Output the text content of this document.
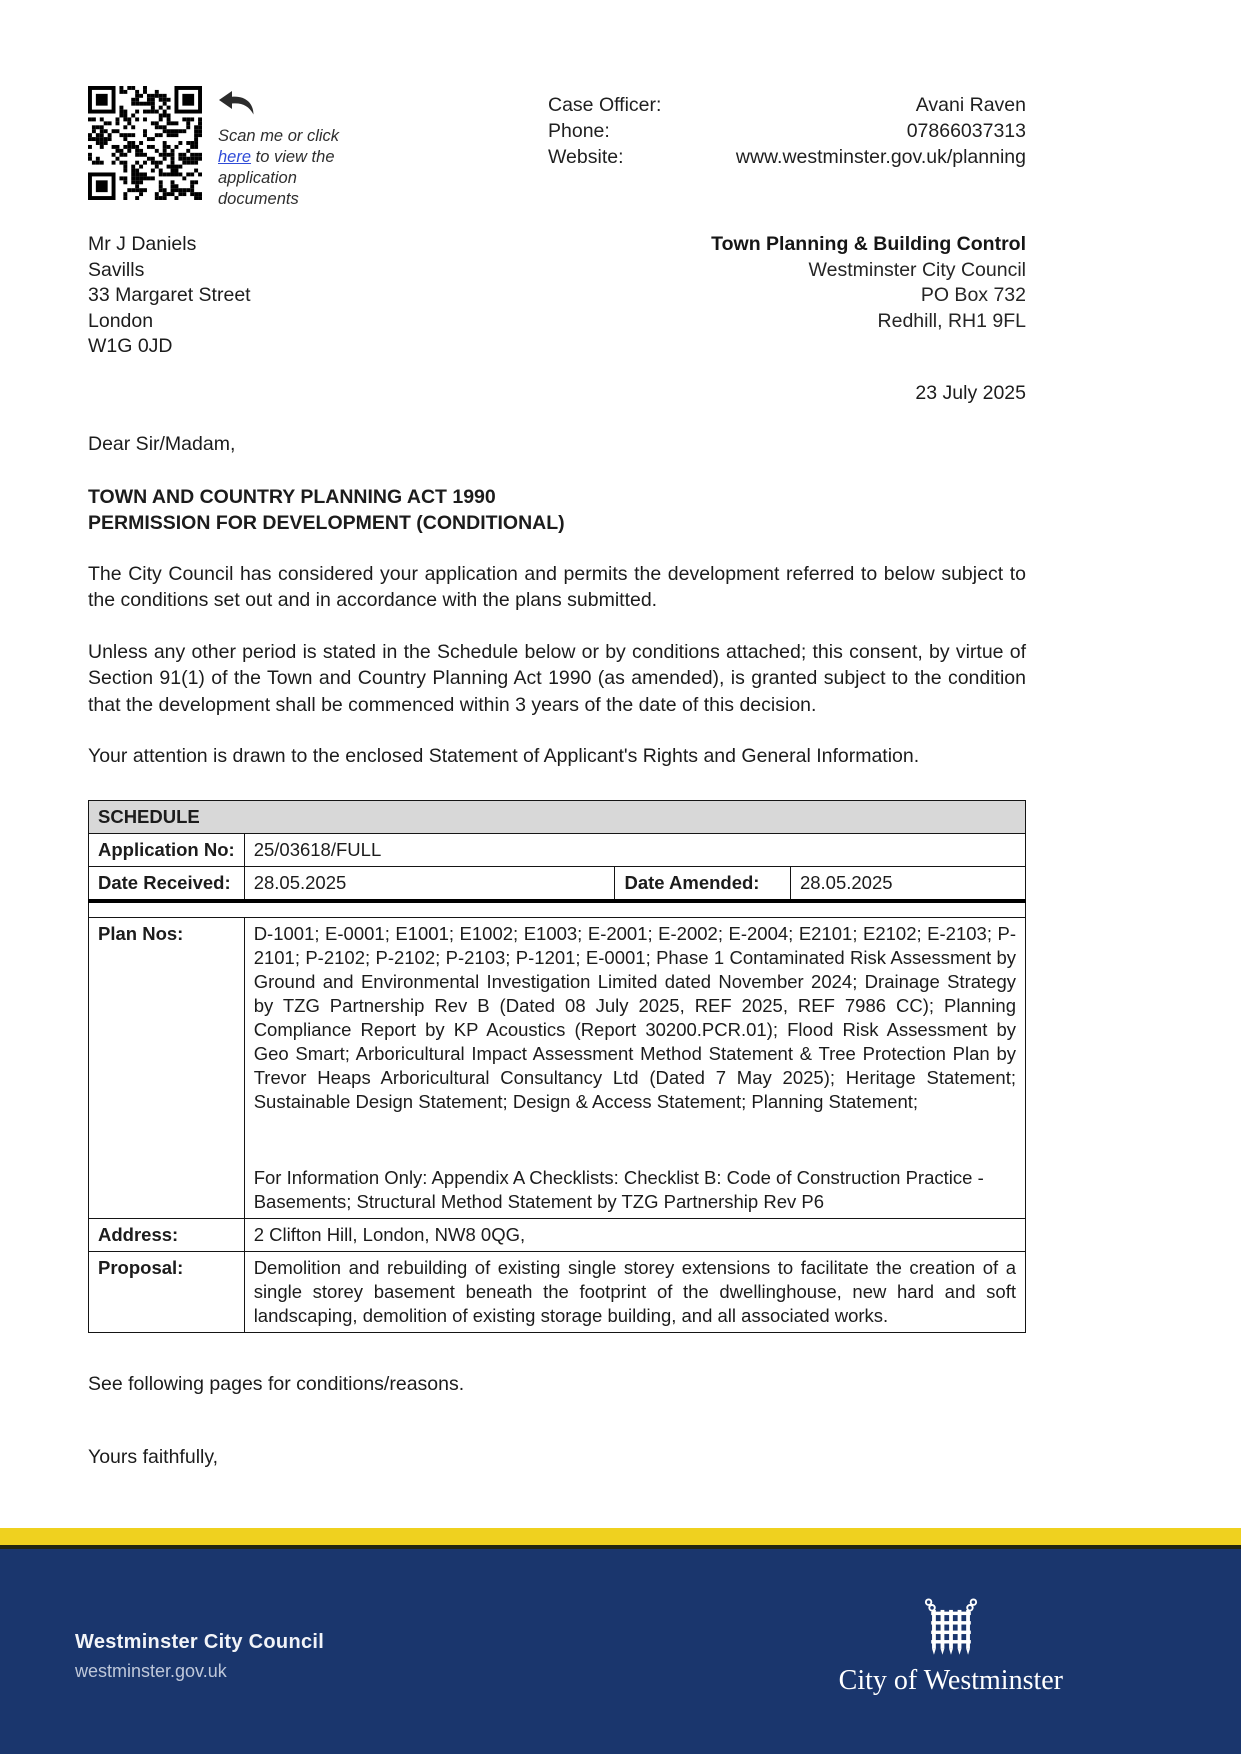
Scan me or click here to view the application documents
Case Officer:	Avani Raven
Phone:	07866037313
Website:	www.westminster.gov.uk/planning
Mr J Daniels
Savills
33 Margaret Street
London
W1G 0JD
Town Planning & Building Control
Westminster City Council
PO Box 732
Redhill, RH1 9FL
23 July 2025
Dear Sir/Madam,
TOWN AND COUNTRY PLANNING ACT 1990
PERMISSION FOR DEVELOPMENT (CONDITIONAL)

The City Council has considered your application and permits the development referred to below subject to the conditions set out and in accordance with the plans submitted.

Unless any other period is stated in the Schedule below or by conditions attached; this consent, by virtue of Section 91(1) of the Town and Country Planning Act 1990 (as amended), is granted subject to the condition that the development shall be commenced within 3 years of the date of this decision.

Your attention is drawn to the enclosed Statement of Applicant's Rights and General Information.

SCHEDULE			
Application No:	25/03618/FULL		
Date Received:	28.05.2025	Date Amended:	28.05.2025

Plan Nos:	D-1001; E-0001; E1001; E1002; E1003; E-2001; E-2002; E-2004; E2101; E2102; E-2103; P-2101; P-2102; P-2102; P-2103; P-1201; E-0001; Phase 1 Contaminated Risk Assessment by Ground and Environmental Investigation Limited dated November 2024; Drainage Strategy by TZG Partnership Rev B (Dated 08 July 2025, REF 2025, REF 7986 CC); Planning Compliance Report by KP Acoustics (Report 30200.PCR.01); Flood Risk Assessment by Geo Smart; Arboricultural Impact Assessment Method Statement & Tree Protection Plan by Trevor Heaps Arboricultural Consultancy Ltd (Dated 7 May 2025); Heritage Statement; Sustainable Design Statement; Design & Access Statement; Planning Statement;
For Information Only: Appendix A Checklists: Checklist B: Code of Construction Practice - Basements; Structural Method Statement by TZG Partnership Rev P6		

Address:	2 Clifton Hill, London, NW8 0QG,		
Proposal:	Demolition and rebuilding of existing single storey extensions to facilitate the creation of a single storey basement beneath the footprint of the dwellinghouse, new hard and soft landscaping, demolition of existing storage building, and all associated works.		
See following pages for conditions/reasons.
Yours faithfully,
Westminster City Council
westminster.gov.uk	City of Westminster
